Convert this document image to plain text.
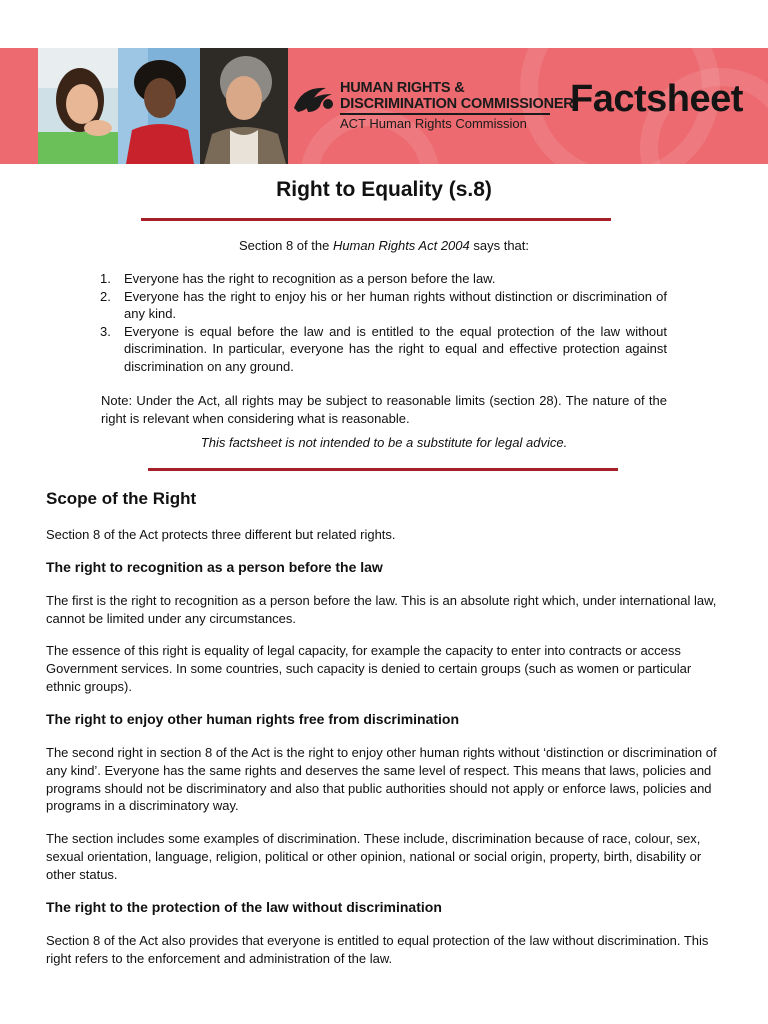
HUMAN RIGHTS &
DISCRIMINATION COMMISSIONER
ACT Human Rights Commission
Factsheet
Right to Equality (s.8)
Section 8 of the Human Rights Act 2004 says that:
1. Everyone has the right to recognition as a person before the law.
2. Everyone has the right to enjoy his or her human rights without distinction or discrimination of any kind.
3. Everyone is equal before the law and is entitled to the equal protection of the law without discrimination. In particular, everyone has the right to equal and effective protection against discrimination on any ground.
Note: Under the Act, all rights may be subject to reasonable limits (section 28). The nature of the right is relevant when considering what is reasonable.
This factsheet is not intended to be a substitute for legal advice.
Scope of the Right
Section 8 of the Act protects three different but related rights.
The right to recognition as a person before the law
The first is the right to recognition as a person before the law. This is an absolute right which, under international law, cannot be limited under any circumstances.
The essence of this right is equality of legal capacity, for example the capacity to enter into contracts or access Government services. In some countries, such capacity is denied to certain groups (such as women or particular ethnic groups).
The right to enjoy other human rights free from discrimination
The second right in section 8 of the Act is the right to enjoy other human rights without ‘distinction or discrimination of any kind’. Everyone has the same rights and deserves the same level of respect. This means that laws, policies and programs should not be discriminatory and also that public authorities should not apply or enforce laws, policies and programs in a discriminatory way.
The section includes some examples of discrimination. These include, discrimination because of race, colour, sex, sexual orientation, language, religion, political or other opinion, national or social origin, property, birth, disability or other status.
The right to the protection of the law without discrimination
Section 8 of the Act also provides that everyone is entitled to equal protection of the law without discrimination. This right refers to the enforcement and administration of the law.
